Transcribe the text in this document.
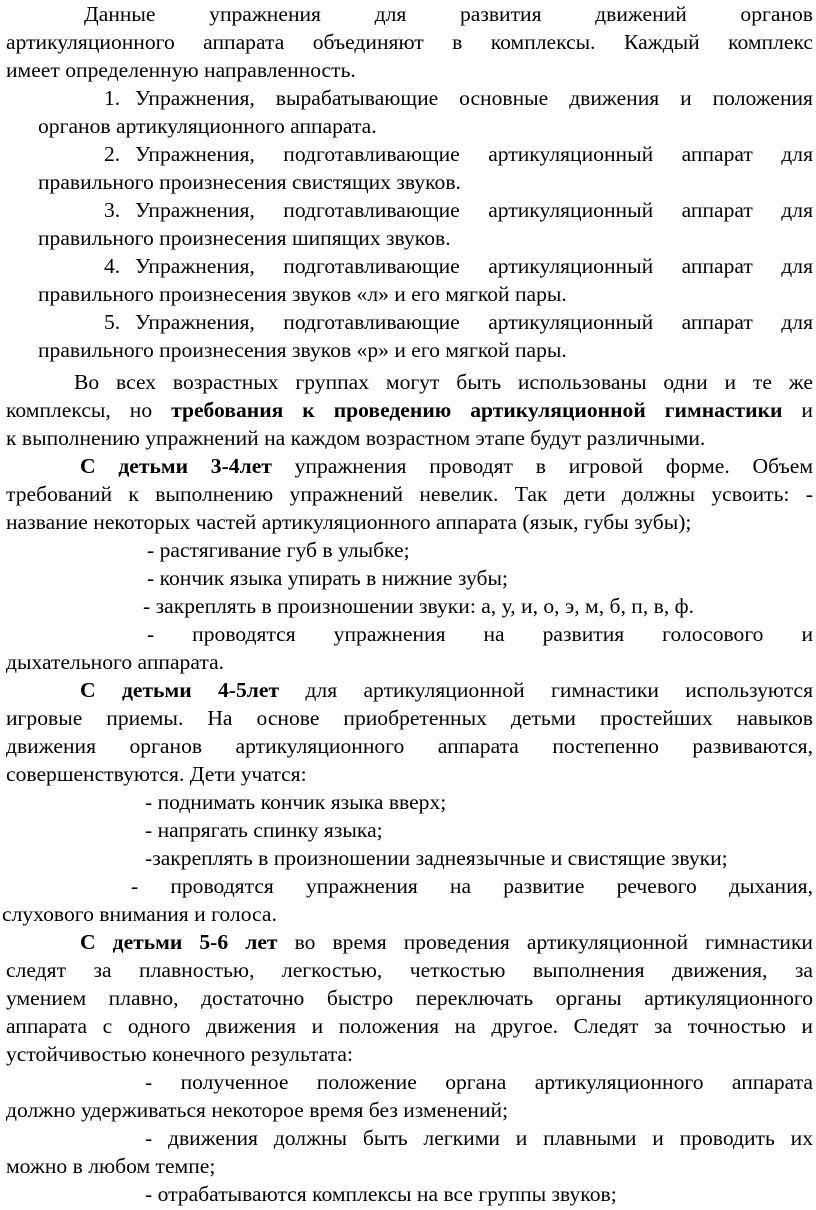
Данные упражнения для развития движений органов
артикуляционного аппарата объединяют в комплексы. Каждый комплекс
имеет определенную направленность.
1. Упражнения, вырабатывающие основные движения и положения
органов артикуляционного аппарата.
2. Упражнения, подготавливающие артикуляционный аппарат для
правильного произнесения свистящих звуков.
3. Упражнения, подготавливающие артикуляционный аппарат для
правильного произнесения шипящих звуков.
4. Упражнения, подготавливающие артикуляционный аппарат для
правильного произнесения звуков «л» и его мягкой пары.
5. Упражнения, подготавливающие артикуляционный аппарат для
правильного произнесения звуков «р» и его мягкой пары.
Во всех возрастных группах могут быть использованы одни и те же
комплексы, но требования к проведению артикуляционной гимнастики и
к выполнению упражнений на каждом возрастном этапе будут различными.
С детьми 3-4лет упражнения проводят в игровой форме. Объем
требований к выполнению упражнений невелик. Так дети должны усвоить: -
название некоторых частей артикуляционного аппарата (язык, губы зубы);
- растягивание губ в улыбке;
- кончик языка упирать в нижние зубы;
- закреплять в произношении звуки: а, у, и, о, э, м, б, п, в, ф.
- проводятся упражнения на развития голосового и
дыхательного аппарата.
С детьми 4-5лет для артикуляционной гимнастики используются
игровые приемы. На основе приобретенных детьми простейших навыков
движения органов артикуляционного аппарата постепенно развиваются,
совершенствуются. Дети учатся:
- поднимать кончик языка вверх;
- напрягать спинку языка;
-закреплять в произношении заднеязычные и свистящие звуки;
- проводятся упражнения на развитие речевого дыхания,
слухового внимания и голоса.
С детьми 5-6 лет во время проведения артикуляционной гимнастики
следят за плавностью, легкостью, четкостью выполнения движения, за
умением плавно, достаточно быстро переключать органы артикуляционного
аппарата с одного движения и положения на другое. Следят за точностью и
устойчивостью конечного результата:
- полученное положение органа артикуляционного аппарата
должно удерживаться некоторое время без изменений;
- движения должны быть легкими и плавными и проводить их
можно в любом темпе;
- отрабатываются комплексы на все группы звуков;
